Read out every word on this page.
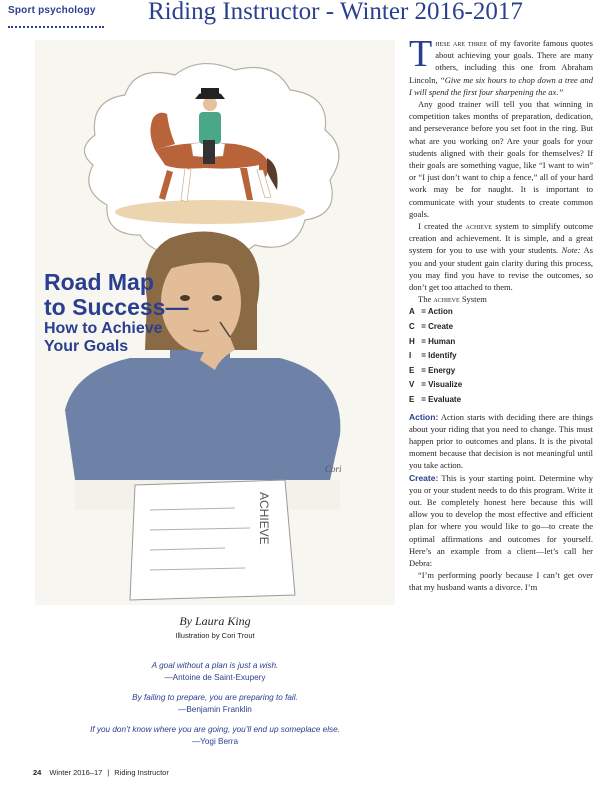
Sport psychology Riding Instructor - Winter 2016-2017
ACHIEVE
Cori
Road Map
to Success—
How to Achieve
Your Goals
By Laura King
Illustration by Cori Trout
A goal without a plan is just a wish.
—Antoine de Saint-Exupery
By failing to prepare, you are preparing to fail.
—Benjamin Franklin
If you don’t know where you are going, you’ll end up someplace else.
—Yogi Berra
24 Winter 2016–17 | Riding Instructor

These are three of my favorite famous quotes about achieving your goals. There are many others, including this one from Abraham Lincoln, “Give me six hours to chop down a tree and I will spend the first four sharpening the ax.”

Any good trainer will tell you that winning in competition takes months of preparation, dedication, and perseverance before you set foot in the ring. But what are you working on? Are your goals for your students aligned with their goals for themselves? If their goals are something vague, like “I want to win” or “I just don’t want to chip a fence,” all of your hard work may be for naught. It is important to communicate with your students to create common goals.

I created the achieve system to simplify outcome creation and achievement. It is simple, and a great system for you to use with your students. Note: As you and your student gain clarity during this process, you may find you have to revise the outcomes, so don’t get too attached to them.

The achieve System

A = Action
C = Create
H = Human
I = Identify
E = Energy
V = Visualize
E = Evaluate

Action: Action starts with deciding there are things about your riding that you need to change. This must happen prior to outcomes and plans. It is the pivotal moment because that decision is not meaningful until you take action.

Create: This is your starting point. Determine why you or your student needs to do this program. Write it out. Be completely honest here because this will allow you to develop the most effective and efficient plan for where you would like to go—to create the optimal affirmations and outcomes for yourself. Here’s an example from a client—let’s call her Debra:

“I’m performing poorly because I can’t get over that my husband wants a divorce. I’m
